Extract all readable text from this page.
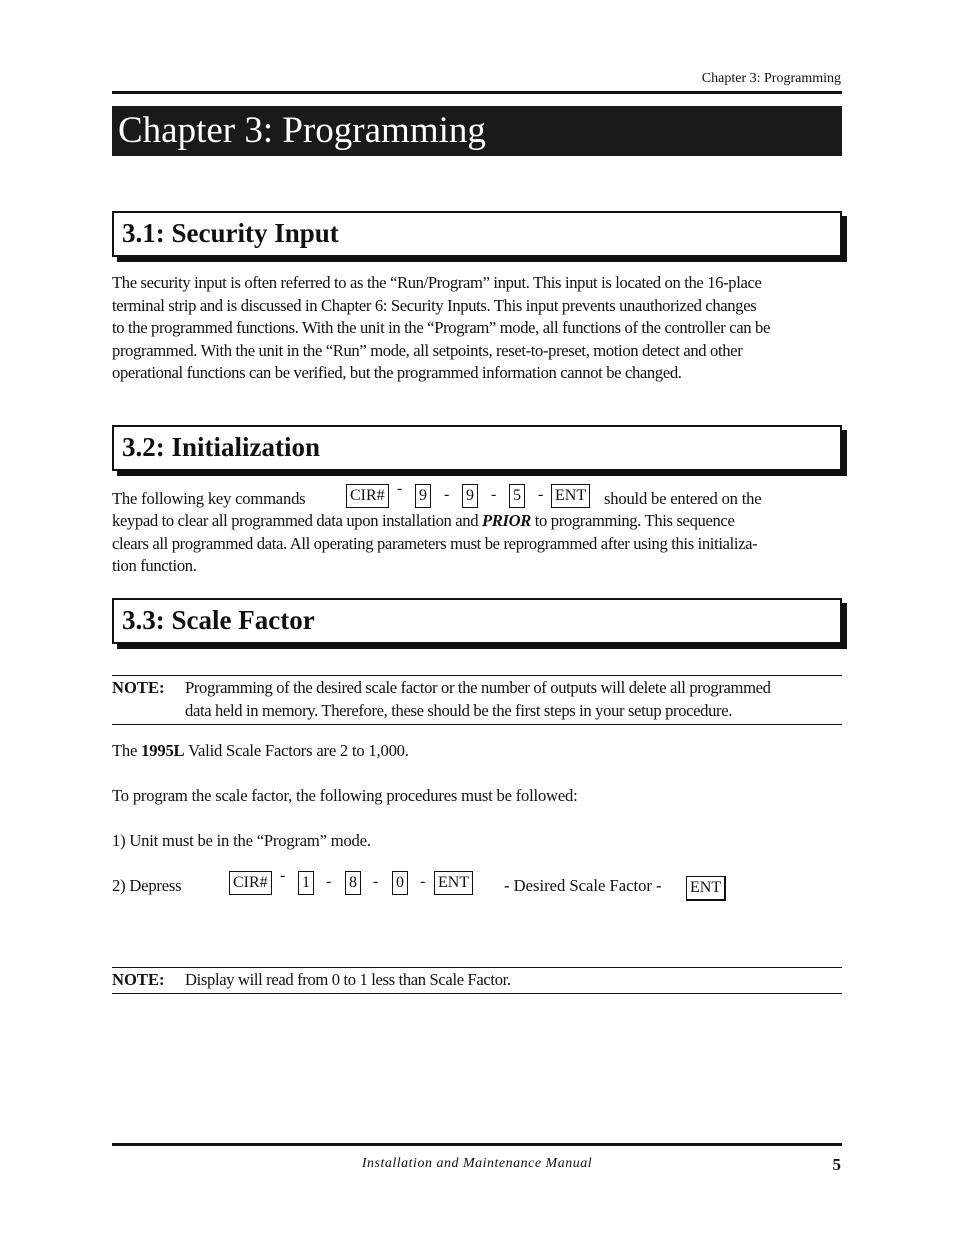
Chapter 3: Programming
Chapter 3: Programming
3.1: Security Input
The security input is often referred to as the “Run/Program” input. This input is located on the 16-place
terminal strip and is discussed in Chapter 6: Security Inputs. This input prevents unauthorized changes
to the programmed functions. With the unit in the “Program” mode, all functions of the controller can be
programmed. With the unit in the “Run” mode, all setpoints, reset-to-preset, motion detect and other
operational functions can be verified, but the programmed information cannot be changed.
3.2: Initialization
The following key commands	CIR# - 9 - 9 - 5 - ENT should be entered on the
keypad to clear all programmed data upon installation and PRIOR to programming. This sequence
clears all programmed data. All operating parameters must be reprogrammed after using this initializa-
tion function.
3.3: Scale Factor
NOTE: Programming of the desired scale factor or the number of outputs will delete all programmed
data held in memory. Therefore, these should be the first steps in your setup procedure.
The 1995L Valid Scale Factors are 2 to 1,000.
To program the scale factor, the following procedures must be followed:
1) Unit must be in the “Program” mode.
2) Depress	CIR# - 1 - 8 - 0 - ENT - Desired Scale Factor - ENT
NOTE: Display will read from 0 to 1 less than Scale Factor.
Installation and Maintenance Manual	5
